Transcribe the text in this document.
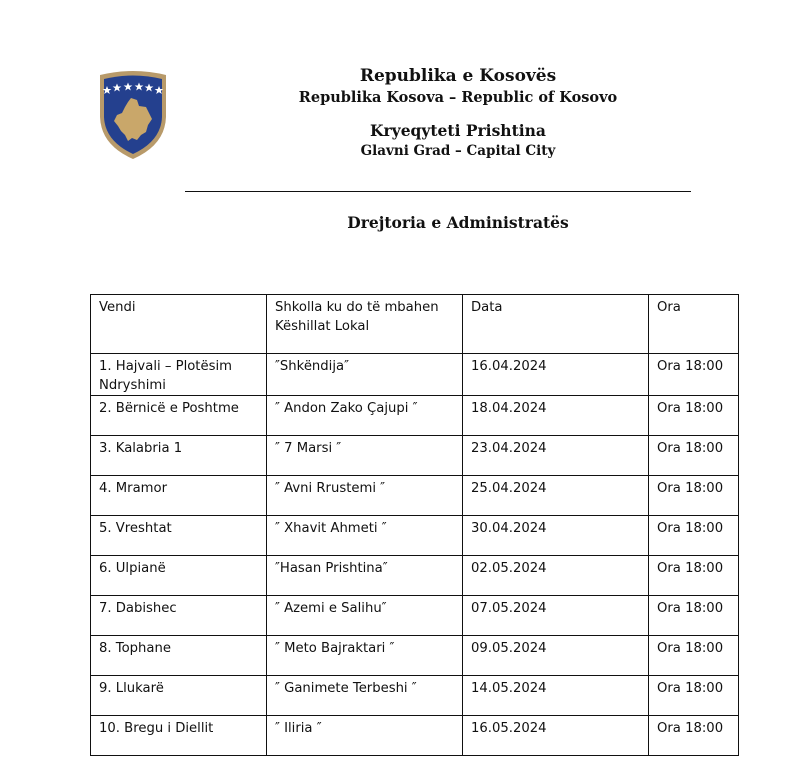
Republika e Kosovës
Republika Kosova – Republic of Kosovo
Kryeqyteti Prishtina
Glavni Grad – Capital City
Drejtoria e Administratës
Vendi	Shkolla ku do të mbahen Këshillat Lokal	Data	Ora
1. Hajvali – Plotësim Ndryshimi	″Shkëndija″	16.04.2024	Ora 18:00
2. Bërnicë e Poshtme	″ Andon Zako Çajupi ″	18.04.2024	Ora 18:00
3. Kalabria 1	″ 7 Marsi ″	23.04.2024	Ora 18:00
4. Mramor	″ Avni Rrustemi ″	25.04.2024	Ora 18:00
5. Vreshtat	″ Xhavit Ahmeti ″	30.04.2024	Ora 18:00
6. Ulpianë	″Hasan Prishtina″	02.05.2024	Ora 18:00
7. Dabishec	″ Azemi e Salihu″	07.05.2024	Ora 18:00
8. Tophane	″ Meto Bajraktari ″	09.05.2024	Ora 18:00
9. Llukarë	″ Ganimete Terbeshi ″	14.05.2024	Ora 18:00
10. Bregu i Diellit	″ Iliria ″	16.05.2024	Ora 18:00
